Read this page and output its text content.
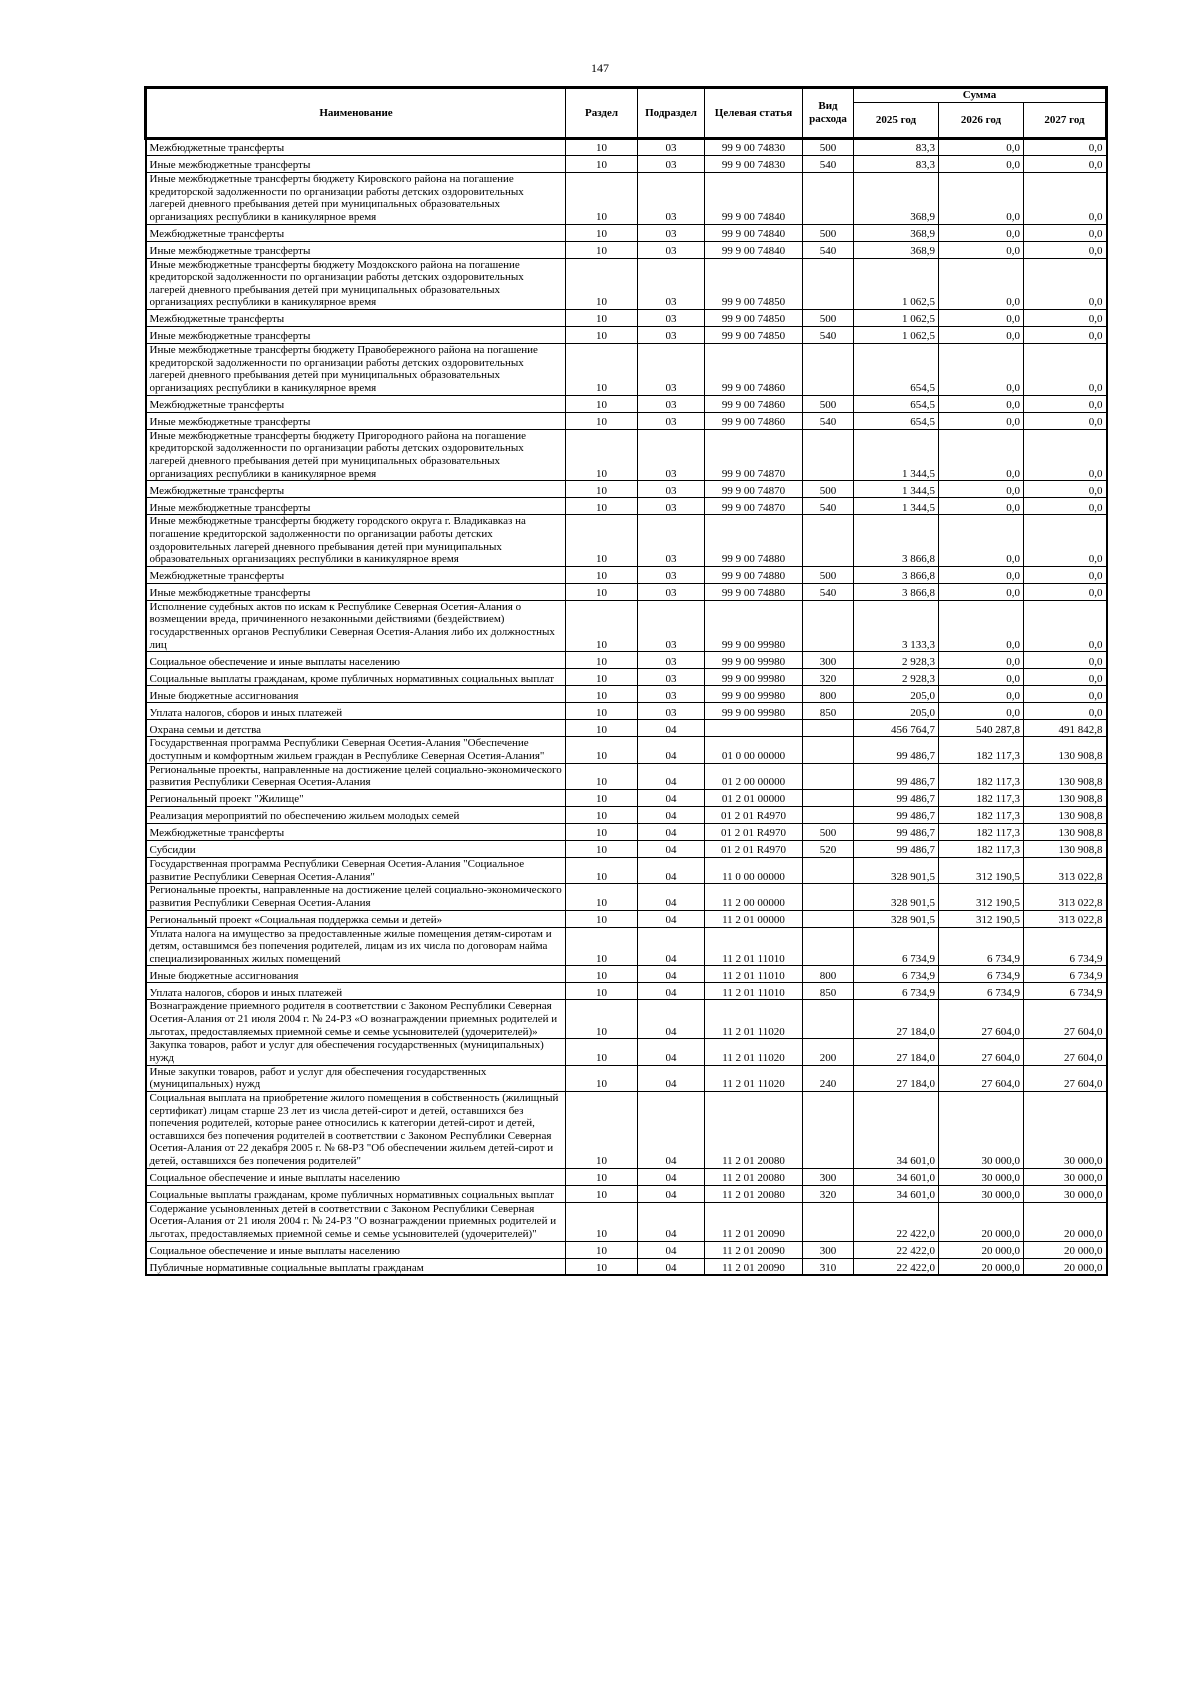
147
Наименование	Раздел	Подраздел	Целевая статья	Вид расхода	Сумма		
					2025 год	2026 год	2027 год
Межбюджетные трансферты	10	03	99 9 00 74830	500	83,3	0,0	0,0
Иные межбюджетные трансферты	10	03	99 9 00 74830	540	83,3	0,0	0,0
Иные межбюджетные трансферты бюджету Кировского района на погашение кредиторской задолженности по организации работы детских оздоровительных лагерей дневного пребывания детей при муниципальных образовательных организациях республики в каникулярное время	10	03	99 9 00 74840		368,9	0,0	0,0
Межбюджетные трансферты	10	03	99 9 00 74840	500	368,9	0,0	0,0
Иные межбюджетные трансферты	10	03	99 9 00 74840	540	368,9	0,0	0,0
Иные межбюджетные трансферты бюджету Моздокского района на погашение кредиторской задолженности по организации работы детских оздоровительных лагерей дневного пребывания детей при муниципальных образовательных организациях республики в каникулярное время	10	03	99 9 00 74850		1 062,5	0,0	0,0
Межбюджетные трансферты	10	03	99 9 00 74850	500	1 062,5	0,0	0,0
Иные межбюджетные трансферты	10	03	99 9 00 74850	540	1 062,5	0,0	0,0
Иные межбюджетные трансферты бюджету Правобережного района на погашение кредиторской задолженности по организации работы детских оздоровительных лагерей дневного пребывания детей при муниципальных образовательных организациях республики в каникулярное время	10	03	99 9 00 74860		654,5	0,0	0,0
Межбюджетные трансферты	10	03	99 9 00 74860	500	654,5	0,0	0,0
Иные межбюджетные трансферты	10	03	99 9 00 74860	540	654,5	0,0	0,0
Иные межбюджетные трансферты бюджету Пригородного района на погашение кредиторской задолженности по организации работы детских оздоровительных лагерей дневного пребывания детей при муниципальных образовательных организациях республики в каникулярное время	10	03	99 9 00 74870		1 344,5	0,0	0,0
Межбюджетные трансферты	10	03	99 9 00 74870	500	1 344,5	0,0	0,0
Иные межбюджетные трансферты	10	03	99 9 00 74870	540	1 344,5	0,0	0,0
Иные межбюджетные трансферты бюджету городского округа г. Владикавказ на погашение кредиторской задолженности по организации работы детских оздоровительных лагерей дневного пребывания детей при муниципальных образовательных организациях республики в каникулярное время	10	03	99 9 00 74880		3 866,8	0,0	0,0
Межбюджетные трансферты	10	03	99 9 00 74880	500	3 866,8	0,0	0,0
Иные межбюджетные трансферты	10	03	99 9 00 74880	540	3 866,8	0,0	0,0
Исполнение судебных актов по искам к Республике Северная Осетия-Алания о возмещении вреда, причиненного незаконными действиями (бездействием) государственных органов Республики Северная Осетия-Алания либо их должностных лиц	10	03	99 9 00 99980		3 133,3	0,0	0,0
Социальное обеспечение и иные выплаты населению	10	03	99 9 00 99980	300	2 928,3	0,0	0,0
Социальные выплаты гражданам, кроме публичных нормативных социальных выплат	10	03	99 9 00 99980	320	2 928,3	0,0	0,0
Иные бюджетные ассигнования	10	03	99 9 00 99980	800	205,0	0,0	0,0
Уплата налогов, сборов и иных платежей	10	03	99 9 00 99980	850	205,0	0,0	0,0
Охрана семьи и детства	10	04			456 764,7	540 287,8	491 842,8
Государственная программа Республики Северная Осетия-Алания "Обеспечение доступным и комфортным жильем граждан в Республике Северная Осетия-Алания"	10	04	01 0 00 00000		99 486,7	182 117,3	130 908,8
Региональные проекты, направленные на достижение целей социально-экономического развития Республики Северная Осетия-Алания	10	04	01 2 00 00000		99 486,7	182 117,3	130 908,8
Региональный проект "Жилище"	10	04	01 2 01 00000		99 486,7	182 117,3	130 908,8
Реализация мероприятий по обеспечению жильем молодых семей	10	04	01 2 01 R4970		99 486,7	182 117,3	130 908,8
Межбюджетные трансферты	10	04	01 2 01 R4970	500	99 486,7	182 117,3	130 908,8
Субсидии	10	04	01 2 01 R4970	520	99 486,7	182 117,3	130 908,8
Государственная программа Республики Северная Осетия-Алания "Социальное развитие Республики Северная Осетия-Алания"	10	04	11 0 00 00000		328 901,5	312 190,5	313 022,8
Региональные проекты, направленные на достижение целей социально-экономического развития Республики Северная Осетия-Алания	10	04	11 2 00 00000		328 901,5	312 190,5	313 022,8
Региональный проект «Социальная поддержка семьи и детей»	10	04	11 2 01 00000		328 901,5	312 190,5	313 022,8
Уплата налога на имущество за предоставленные жилые помещения детям-сиротам и детям, оставшимся без попечения родителей, лицам из их числа по договорам найма специализированных жилых помещений	10	04	11 2 01 11010		6 734,9	6 734,9	6 734,9
Иные бюджетные ассигнования	10	04	11 2 01 11010	800	6 734,9	6 734,9	6 734,9
Уплата налогов, сборов и иных платежей	10	04	11 2 01 11010	850	6 734,9	6 734,9	6 734,9
Вознаграждение приемного родителя в соответствии с Законом Республики Северная Осетия-Алания от 21 июля 2004 г. № 24-РЗ «О вознаграждении приемных родителей и льготах, предоставляемых приемной семье и семье усыновителей (удочерителей)»	10	04	11 2 01 11020		27 184,0	27 604,0	27 604,0
Закупка товаров, работ и услуг для обеспечения государственных (муниципальных) нужд	10	04	11 2 01 11020	200	27 184,0	27 604,0	27 604,0
Иные закупки товаров, работ и услуг для обеспечения государственных (муниципальных) нужд	10	04	11 2 01 11020	240	27 184,0	27 604,0	27 604,0
Социальная выплата на приобретение жилого помещения в собственность (жилищный сертификат) лицам старше 23 лет из числа детей-сирот и детей, оставшихся без попечения родителей, которые ранее относились к категории детей-сирот и детей, оставшихся без попечения родителей в соответствии с Законом Республики Северная Осетия-Алания от 22 декабря 2005 г. № 68-РЗ "Об обеспечении жильем детей-сирот и детей, оставшихся без попечения родителей"	10	04	11 2 01 20080		34 601,0	30 000,0	30 000,0
Социальное обеспечение и иные выплаты населению	10	04	11 2 01 20080	300	34 601,0	30 000,0	30 000,0
Социальные выплаты гражданам, кроме публичных нормативных социальных выплат	10	04	11 2 01 20080	320	34 601,0	30 000,0	30 000,0
Содержание усыновленных детей в соответствии с Законом Республики Северная Осетия-Алания от 21 июля 2004 г. № 24-РЗ "О вознаграждении приемных родителей и льготах, предоставляемых приемной семье и семье усыновителей (удочерителей)"	10	04	11 2 01 20090		22 422,0	20 000,0	20 000,0
Социальное обеспечение и иные выплаты населению	10	04	11 2 01 20090	300	22 422,0	20 000,0	20 000,0
Публичные нормативные социальные выплаты гражданам	10	04	11 2 01 20090	310	22 422,0	20 000,0	20 000,0
